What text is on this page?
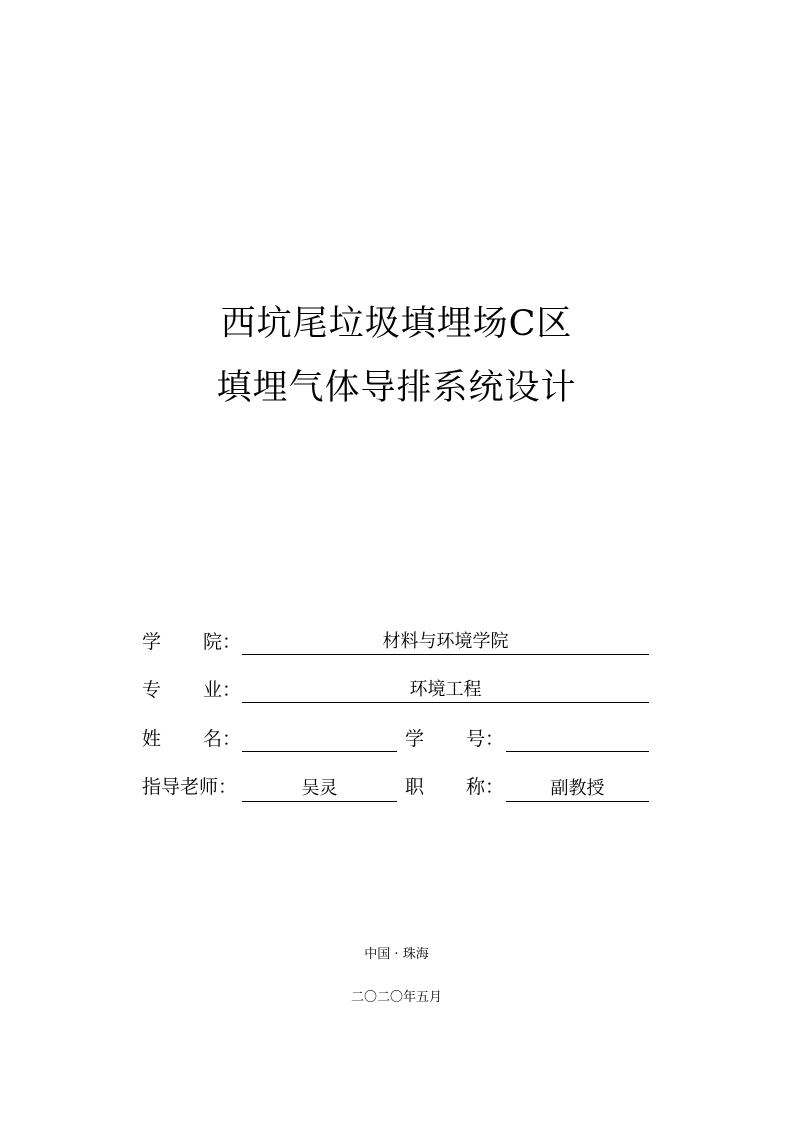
西坑尾垃圾填埋场C区
填埋气体导排系统设计
学 院：	材料与环境学院
专 业：	环境工程
姓 名：	学 号：
指导老师：	吴灵	职 称：	副教授
中国 · 珠海
二〇二〇年五月
